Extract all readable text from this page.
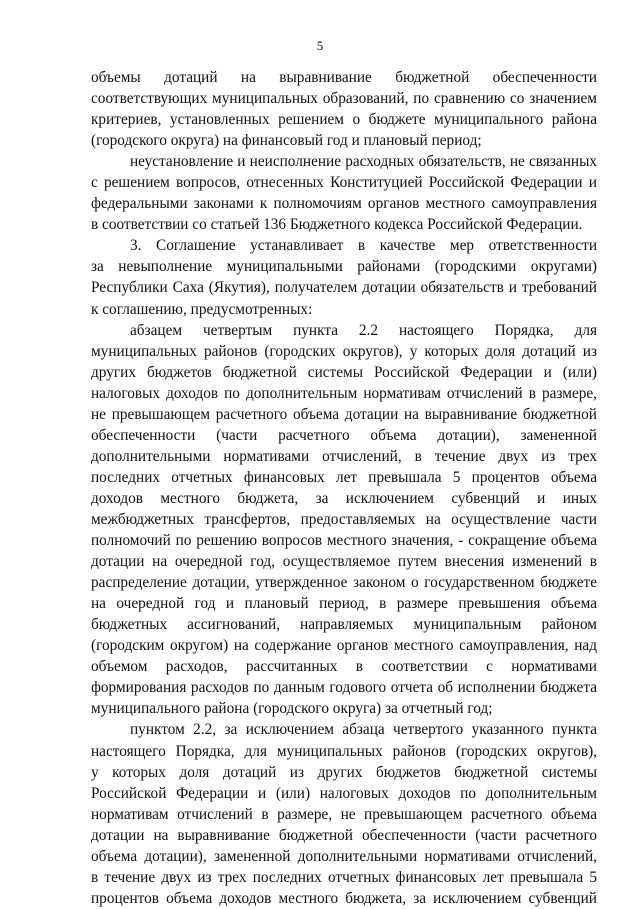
5
объемы дотаций на выравнивание бюджетной обеспеченности
соответствующих муниципальных образований, по сравнению со значением
критериев, установленных решением о бюджете муниципального района
(городского округа) на финансовый год и плановый период;
неустановление и неисполнение расходных обязательств, не связанных
с решением вопросов, отнесенных Конституцией Российской Федерации и
федеральными законами к полномочиям органов местного самоуправления
в соответствии со статьей 136 Бюджетного кодекса Российской Федерации.
3. Соглашение устанавливает в качестве мер ответственности
за невыполнение муниципальными районами (городскими округами)
Республики Саха (Якутия), получателем дотации обязательств и требований
к соглашению, предусмотренных:
абзацем четвертым пункта 2.2 настоящего Порядка, для
муниципальных районов (городских округов), у которых доля дотаций из
других бюджетов бюджетной системы Российской Федерации и (или)
налоговых доходов по дополнительным нормативам отчислений в размере,
не превышающем расчетного объема дотации на выравнивание бюджетной
обеспеченности (части расчетного объема дотации), замененной
дополнительными нормативами отчислений, в течение двух из трех
последних отчетных финансовых лет превышала 5 процентов объема
доходов местного бюджета, за исключением субвенций и иных
межбюджетных трансфертов, предоставляемых на осуществление части
полномочий по решению вопросов местного значения, - сокращение объема
дотации на очередной год, осуществляемое путем внесения изменений в
распределение дотации, утвержденное законом о государственном бюджете
на очередной год и плановый период, в размере превышения объема
бюджетных ассигнований, направляемых муниципальным районом
(городским округом) на содержание органов местного самоуправления, над
объемом расходов, рассчитанных в соответствии с нормативами
формирования расходов по данным годового отчета об исполнении бюджета
муниципального района (городского округа) за отчетный год;
пунктом 2.2, за исключением абзаца четвертого указанного пункта
настоящего Порядка, для муниципальных районов (городских округов),
у которых доля дотаций из других бюджетов бюджетной системы
Российской Федерации и (или) налоговых доходов по дополнительным
нормативам отчислений в размере, не превышающем расчетного объема
дотации на выравнивание бюджетной обеспеченности (части расчетного
объема дотации), замененной дополнительными нормативами отчислений,
в течение двух из трех последних отчетных финансовых лет превышала 5
процентов объема доходов местного бюджета, за исключением субвенций
